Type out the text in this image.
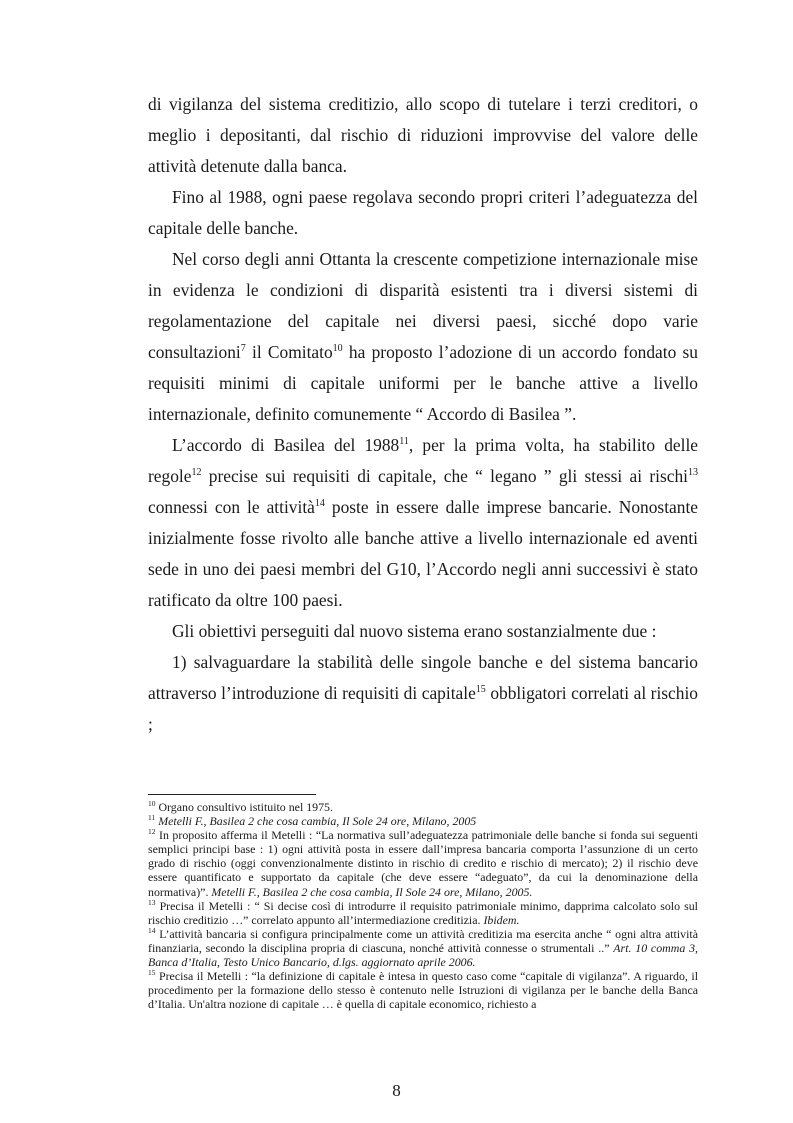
di vigilanza del sistema creditizio, allo scopo di tutelare i terzi creditori, o meglio i depositanti, dal rischio di riduzioni improvvise del valore delle attività detenute dalla banca.

Fino al 1988, ogni paese regolava secondo propri criteri l’adeguatezza del capitale delle banche.

Nel corso degli anni Ottanta la crescente competizione internazionale mise in evidenza le condizioni di disparità esistenti tra i diversi sistemi di regolamentazione del capitale nei diversi paesi, sicché dopo varie consultazioni$^7$ il Comitato$^{10}$ ha proposto l’adozione di un accordo fondato su requisiti minimi di capitale uniformi per le banche attive a livello internazionale, definito comunemente “ Accordo di Basilea ”.

L’accordo di Basilea del 1988$^{11}$, per la prima volta, ha stabilito delle regole$^{12}$ precise sui requisiti di capitale, che “ legano ” gli stessi ai rischi$^{13}$ connessi con le attività$^{14}$ poste in essere dalle imprese bancarie. Nonostante inizialmente fosse rivolto alle banche attive a livello internazionale ed aventi sede in uno dei paesi membri del G10, l’Accordo negli anni successivi è stato ratificato da oltre 100 paesi.

Gli obiettivi perseguiti dal nuovo sistema erano sostanzialmente due :

1) salvaguardare la stabilità delle singole banche e del sistema bancario attraverso l’introduzione di requisiti di capitale$^{15}$ obbligatori correlati al rischio ;

$^{10}$ Organo consultivo istituito nel 1975.

$^{11}$ Metelli F., Basilea 2 che cosa cambia, Il Sole 24 ore, Milano, 2005

$^{12}$ In proposito afferma il Metelli : “La normativa sull’adeguatezza patrimoniale delle banche si fonda sui seguenti semplici principi base : 1) ogni attività posta in essere dall’impresa bancaria comporta l’assunzione di un certo grado di rischio (oggi convenzionalmente distinto in rischio di credito e rischio di mercato); 2) il rischio deve essere quantificato e supportato da capitale (che deve essere “adeguato”, da cui la denominazione della normativa)”. Metelli F., Basilea 2 che cosa cambia, Il Sole 24 ore, Milano, 2005.

$^{13}$ Precisa il Metelli : “ Si decise così di introdurre il requisito patrimoniale minimo, dapprima calcolato solo sul rischio creditizio …” correlato appunto all’intermediazione creditizia. Ibidem.

$^{14}$ L’attività bancaria si configura principalmente come un attività creditizia ma esercita anche “ ogni altra attività finanziaria, secondo la disciplina propria di ciascuna, nonché attività connesse o strumentali ..” Art. 10 comma 3, Banca d’Italia, Testo Unico Bancario, d.lgs. aggiornato aprile 2006.

$^{15}$ Precisa il Metelli : “la definizione di capitale è intesa in questo caso come “capitale di vigilanza”. A riguardo, il procedimento per la formazione dello stesso è contenuto nelle Istruzioni di vigilanza per le banche della Banca d’Italia. Un'altra nozione di capitale … è quella di capitale economico, richiesto a

8
